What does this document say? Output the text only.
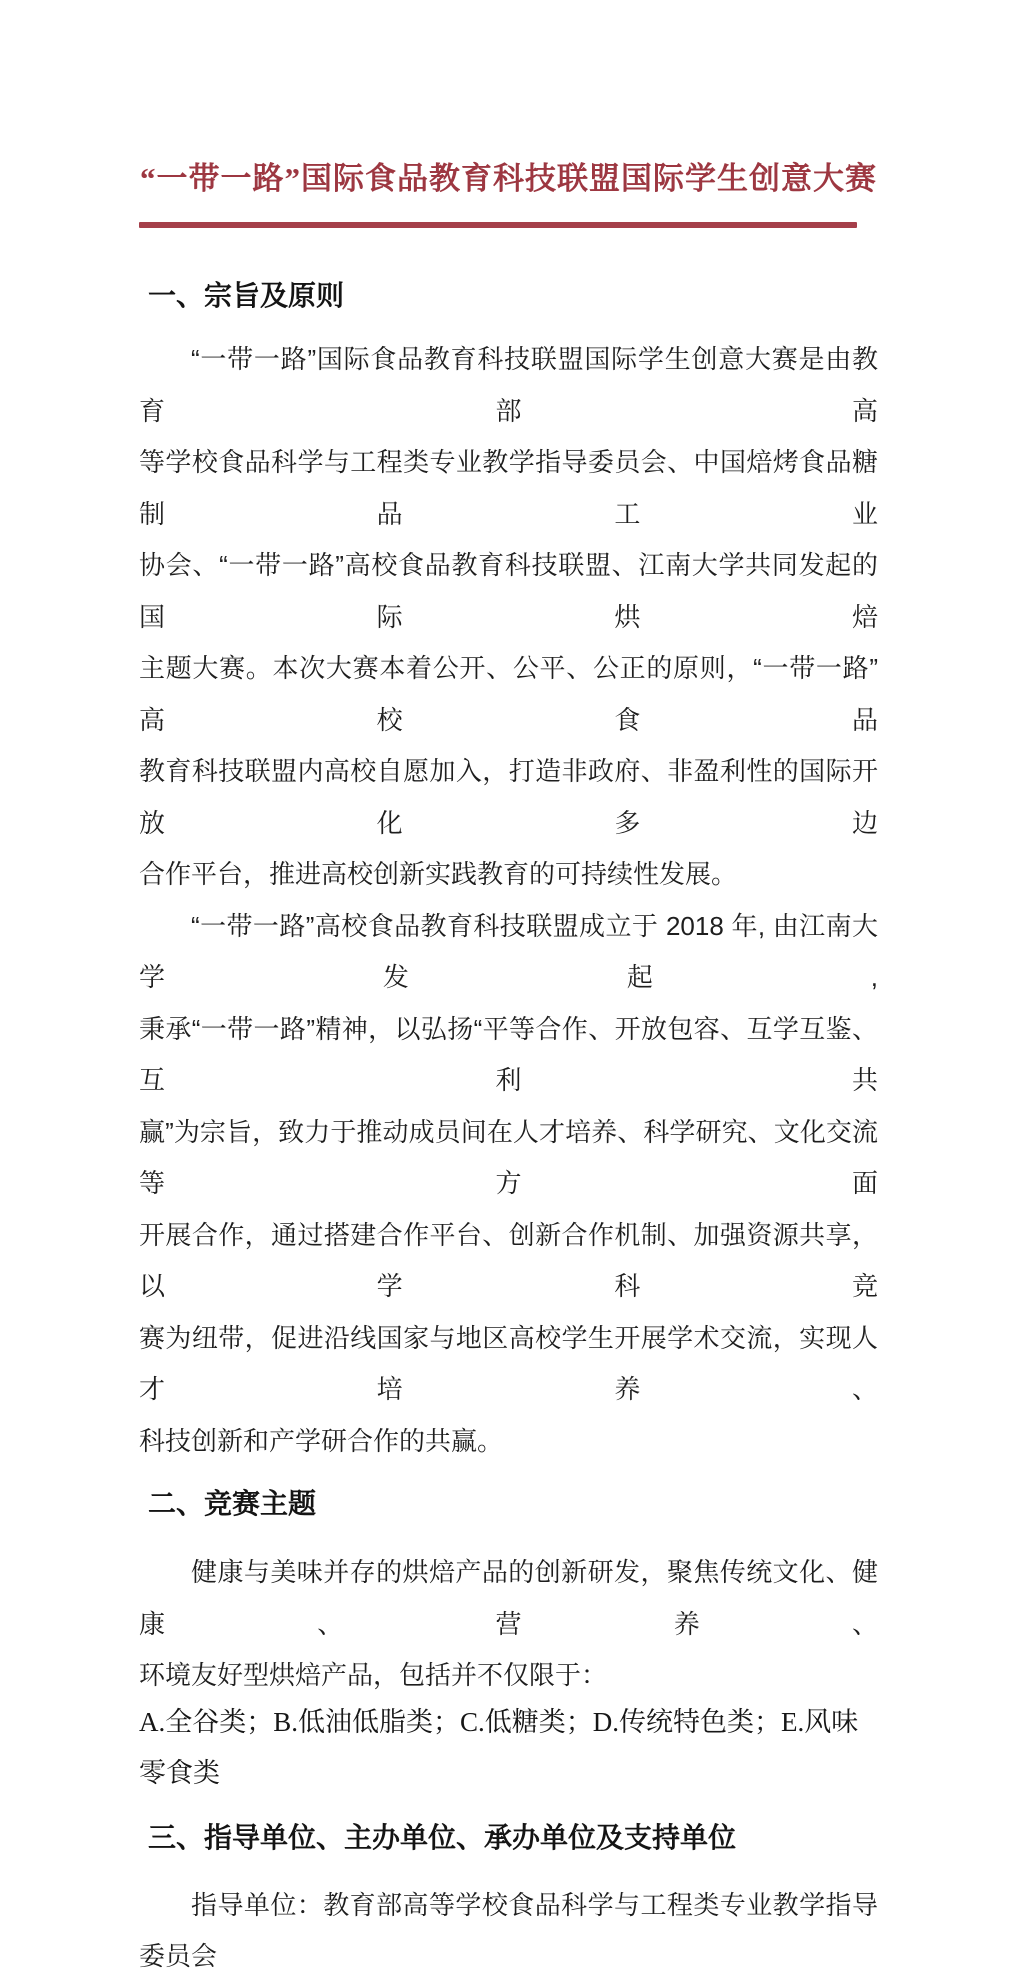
“一带一路”国际食品教育科技联盟国际学生创意大赛
一、宗旨及原则
“一带一路”国际食品教育科技联盟国际学生创意大赛是由教育部高
等学校食品科学与工程类专业教学指导委员会、中国焙烤食品糖制品工业
协会、“一带一路”高校食品教育科技联盟、江南大学共同发起的国际烘焙
主题大赛。本次大赛本着公开、公平、公正的原则，“一带一路”高校食品
教育科技联盟内高校自愿加入，打造非政府、非盈利性的国际开放化多边
合作平台，推进高校创新实践教育的可持续性发展。
“一带一路”高校食品教育科技联盟成立于 2018 年, 由江南大学发起,
秉承“一带一路”精神，以弘扬“平等合作、开放包容、互学互鉴、互利共
赢”为宗旨，致力于推动成员间在人才培养、科学研究、文化交流等方面
开展合作，通过搭建合作平台、创新合作机制、加强资源共享，以学科竞
赛为纽带，促进沿线国家与地区高校学生开展学术交流，实现人才培养、
科技创新和产学研合作的共赢。
二、竞赛主题
健康与美味并存的烘焙产品的创新研发，聚焦传统文化、健康、营养、
环境友好型烘焙产品，包括并不仅限于：
A.全谷类；B.低油低脂类；C.低糖类；D.传统特色类；E.风味零食类
三、指导单位、主办单位、承办单位及支持单位
指导单位：教育部高等学校食品科学与工程类专业教学指导委员会
